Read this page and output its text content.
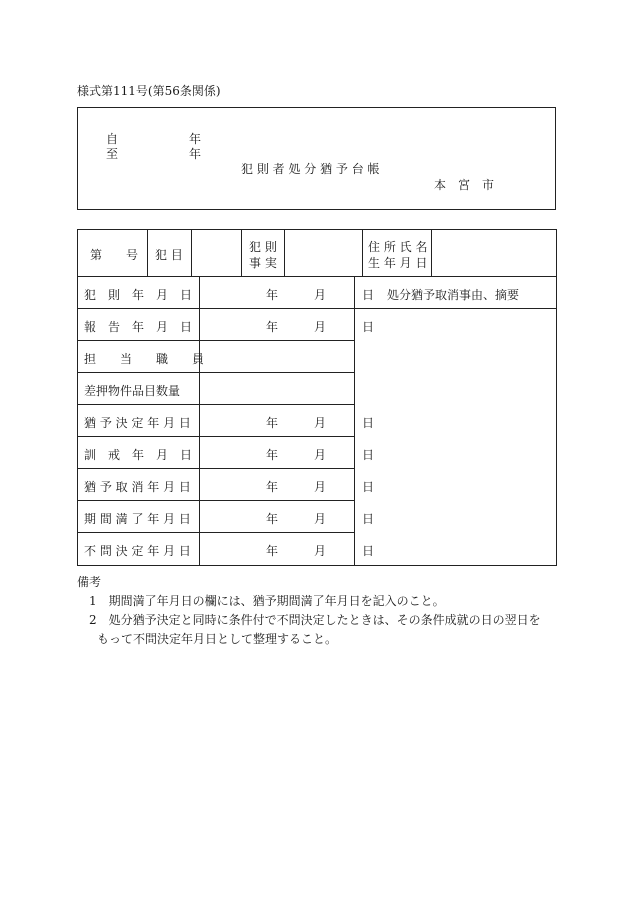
様式第111号(第56条関係)
自	年
至	年
犯 則 者 処 分 猶 予 台 帳
本　宮　市
第　　号 犯 目
犯 則
事 実
住 所 氏 名
生 年 月 日
犯　則　年　月　日
報　告　年　月　日
担　　当　　職　　員
差押物件品目数量
猶 予 決 定 年 月 日
訓　戒　年　月　日
猶 予 取 消 年 月 日
期 間 満 了 年 月 日
不 問 決 定 年 月 日
年　　　月　　　日
年　　　月　　　日
年　　　月　　　日
年　　　月　　　日
年　　　月　　　日
年　　　月　　　日
年　　　月　　　日
処分猶予取消事由、摘要
備考
1　期間満了年月日の欄には、猶予期間満了年月日を記入のこと。
2　処分猶予決定と同時に条件付で不問決定したときは、その条件成就の日の翌日を
もって不問決定年月日として整理すること。
